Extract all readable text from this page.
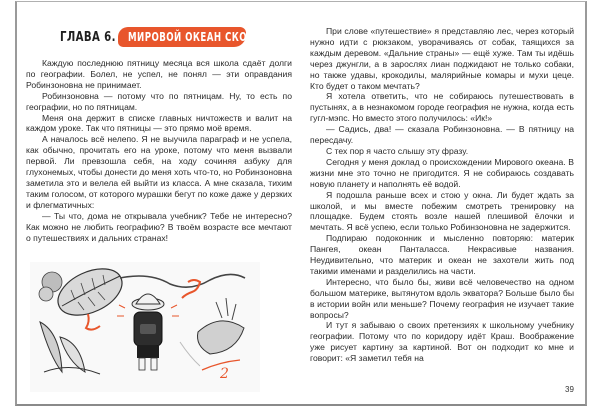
ГЛАВА 6.	МИРОВОЙ ОКЕАН СКОРБИ

Каждую последнюю пятницу месяца вся школа сдаёт долги по географии. Болел, не успел, не понял — эти оправдания Робинзоновна не принимает.

Робинзоновна — потому что по пятницам. Ну, то есть по географии, но по пятницам.

Меня она держит в списке главных ничтожеств и валит на каждом уроке. Так что пятницы — это прямо моё время.

А началось всё нелепо. Я не выучила параграф и не успела, как обычно, прочитать его на уроке, потому что меня вызвали первой. Ли превзошла себя, на ходу сочиняя азбуку для глухонемых, чтобы донести до меня хоть что-то, но Робинзоновна заметила это и велела ей выйти из класса. А мне сказала, тихим таким голосом, от которого мурашки бегут по коже даже у дерзких и флегматичных:

— Ты что, дома не открывала учебник? Тебе не интересно? Как можно не любить географию? В твоём возрасте все мечтают о путешествиях и дальних странах!

2

При слове «путешествие» я представляю лес, через который нужно идти с рюкзаком, уворачиваясь от собак, таящихся за каждым деревом. «Дальние страны» — ещё хуже. Там ты идёшь через джунгли, а в зарослях лиан поджидают не только собаки, но также удавы, крокодилы, малярийные комары и мухи цеце. Кто будет о таком мечтать?

Я хотела ответить, что не собираюсь путешествовать в пустынях, а в незнакомом городе география не нужна, когда есть гугл-мэпс. Но вместо этого получилось: «Ик!»

— Садись, два! — сказала Робинзоновна. — В пятницу на пересдачу.

С тех пор я часто слышу эту фразу.

Сегодня у меня доклад о происхождении Мирового океана. В жизни мне это точно не пригодится. Я не собираюсь создавать новую планету и наполнять её водой.

Я подошла раньше всех и стою у окна. Ли будет ждать за школой, и мы вместе побежим смотреть тренировку на площадке. Будем стоять возле нашей плешивой ёлочки и мечтать. Я всё успею, если только Робинзоновна не задержится.

Подпираю подоконник и мысленно повторяю: материк Пангея, океан Панталасса. Некрасивые названия. Неудивительно, что материк и океан не захотели жить под такими именами и разделились на части.

Интересно, что было бы, живи всё человечество на одном большом материке, вытянутом вдоль экватора? Больше было бы в истории войн или меньше? Почему география не изучает такие вопросы?

И тут я забываю о своих претензиях к школьному учебнику географии. Потому что по коридору идёт Краш. Воображение уже рисует картину за картиной. Вот он подходит ко мне и говорит: «Я заметил тебя на

39
